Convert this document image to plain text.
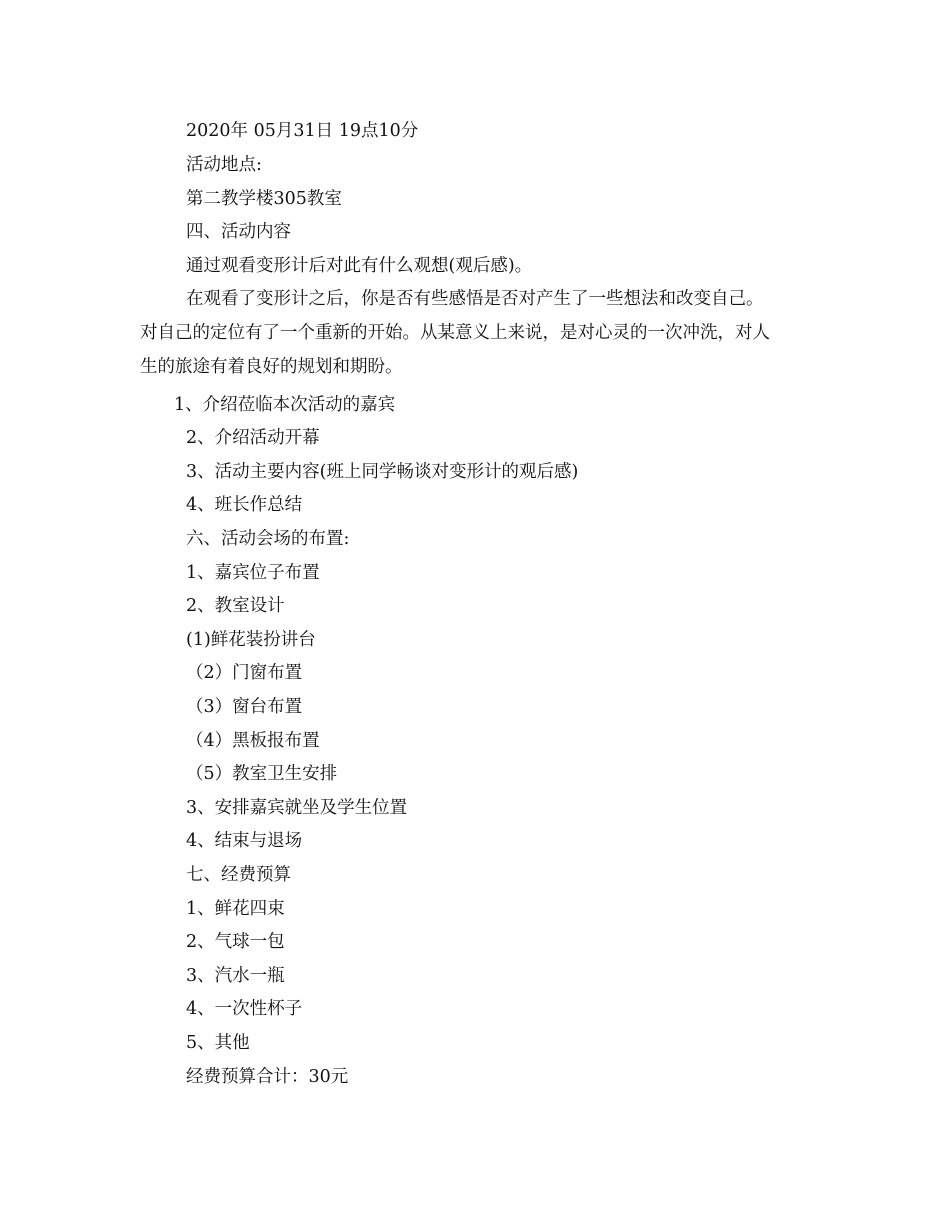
2020年 05月31日 19点10分
活动地点:
第二教学楼305教室
四、活动内容
通过观看变形计后对此有什么观想(观后感)。
在观看了变形计之后，你是否有些感悟是否对产生了一些想法和改变自己。
对自己的定位有了一个重新的开始。从某意义上来说，是对心灵的一次冲洗，对人
生的旅途有着良好的规划和期盼。
1、介绍莅临本次活动的嘉宾
2、介绍活动开幕
3、活动主要内容(班上同学畅谈对变形计的观后感)
4、班长作总结
六、活动会场的布置:
1、嘉宾位子布置
2、教室设计
(1)鲜花装扮讲台
（2）门窗布置
（3）窗台布置
（4）黑板报布置
（5）教室卫生安排
3、安排嘉宾就坐及学生位置
4、结束与退场
七、经费预算
1、鲜花四束
2、气球一包
3、汽水一瓶
4、一次性杯子
5、其他
经费预算合计：30元
